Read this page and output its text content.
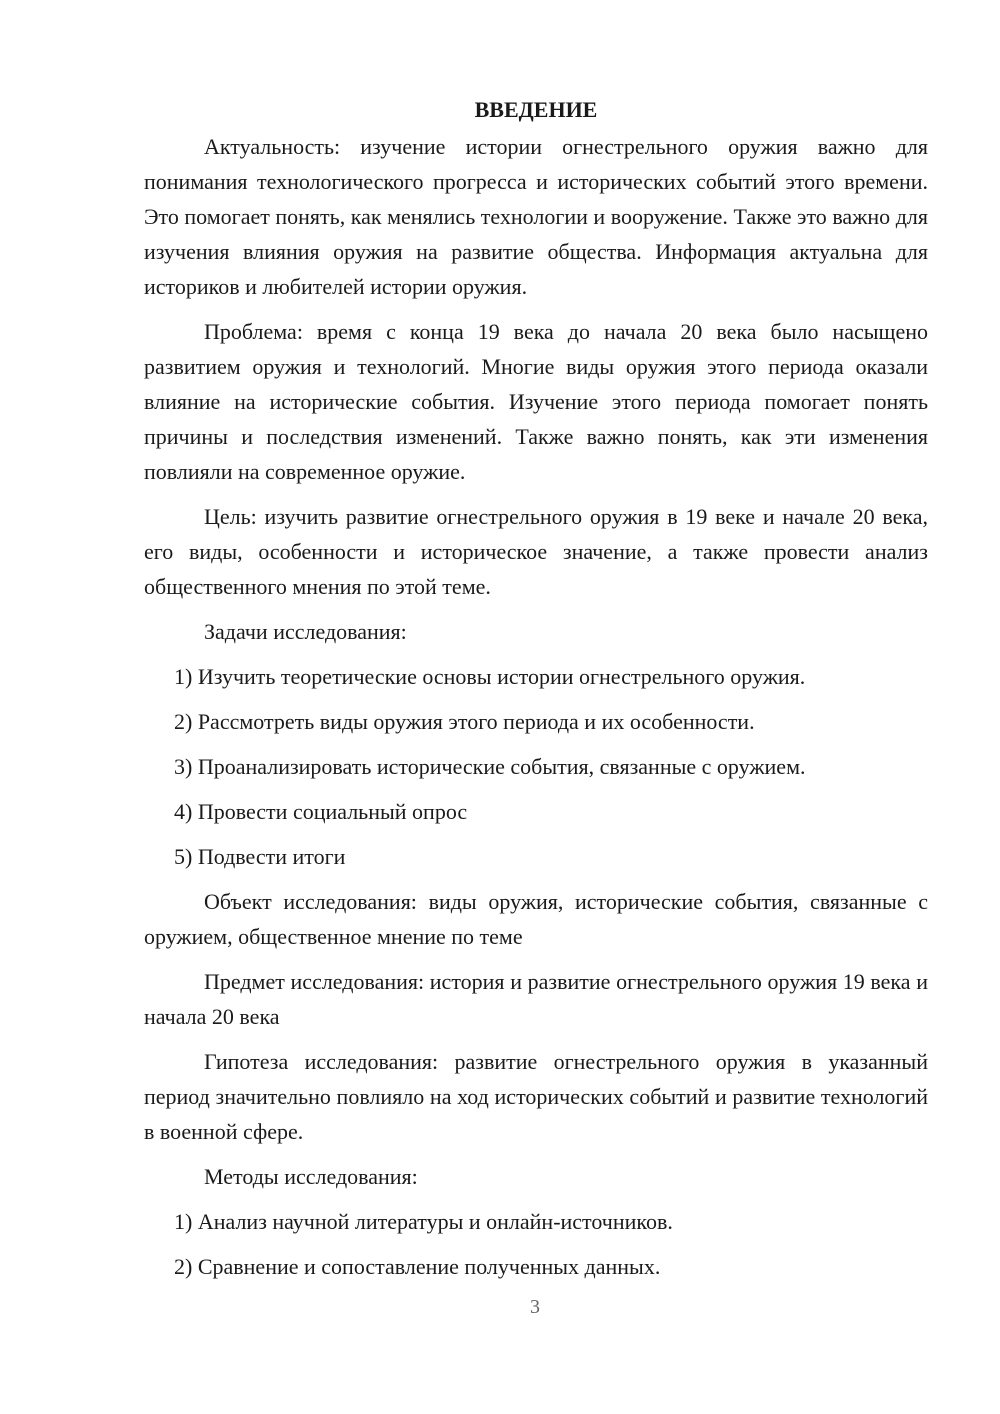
ВВЕДЕНИЕ

Актуальность: изучение истории огнестрельного оружия важно для понимания технологического прогресса и исторических событий этого времени. Это помогает понять, как менялись технологии и вооружение. Также это важно для изучения влияния оружия на развитие общества. Информация актуальна для историков и любителей истории оружия.

Проблема: время с конца 19 века до начала 20 века было насыщено развитием оружия и технологий. Многие виды оружия этого периода оказали влияние на исторические события. Изучение этого периода помогает понять причины и последствия изменений. Также важно понять, как эти изменения повлияли на современное оружие.

Цель: изучить развитие огнестрельного оружия в 19 веке и начале 20 века, его виды, особенности и историческое значение, а также провести анализ общественного мнения по этой теме.

Задачи исследования:

1) Изучить теоретические основы истории огнестрельного оружия.

2) Рассмотреть виды оружия этого периода и их особенности.

3) Проанализировать исторические события, связанные с оружием.

4) Провести социальный опрос

5) Подвести итоги

Объект исследования: виды оружия, исторические события, связанные с оружием, общественное мнение по теме

Предмет исследования: история и развитие огнестрельного оружия 19 века и начала 20 века

Гипотеза исследования: развитие огнестрельного оружия в указанный период значительно повлияло на ход исторических событий и развитие технологий в военной сфере.

Методы исследования:

1) Анализ научной литературы и онлайн-источников.

2) Сравнение и сопоставление полученных данных.

3
